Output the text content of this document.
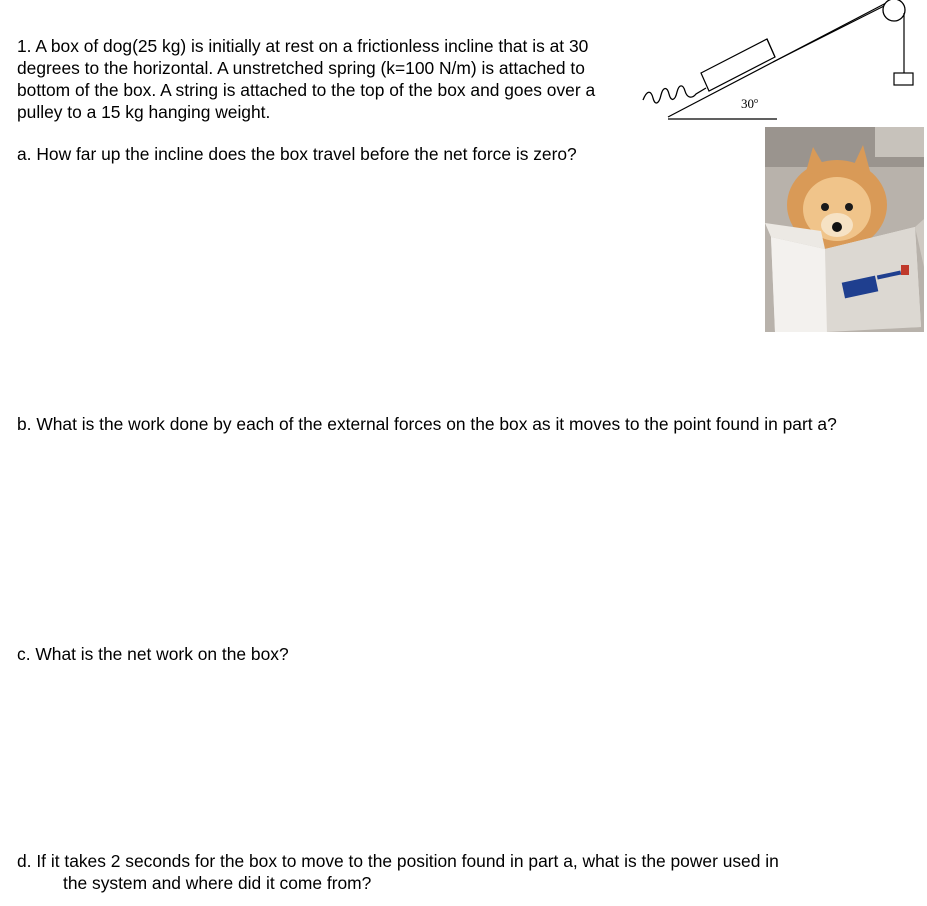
1. A box of dog(25 kg) is initially at rest on a frictionless incline that is at 30 degrees to the horizontal. A unstretched spring (k=100 N/m) is attached to bottom of the box. A string is attached to the top of the box and goes over a pulley to a 15 kg hanging weight.	30$^o$

a. How far up the incline does the box travel before the net force is zero?

b. What is the work done by each of the external forces on the box as it moves to the point found in part a?

c. What is the net work on the box?

d. If it takes 2 seconds for the box to move to the position found in part a, what is the power used in
the system and where did it come from?
